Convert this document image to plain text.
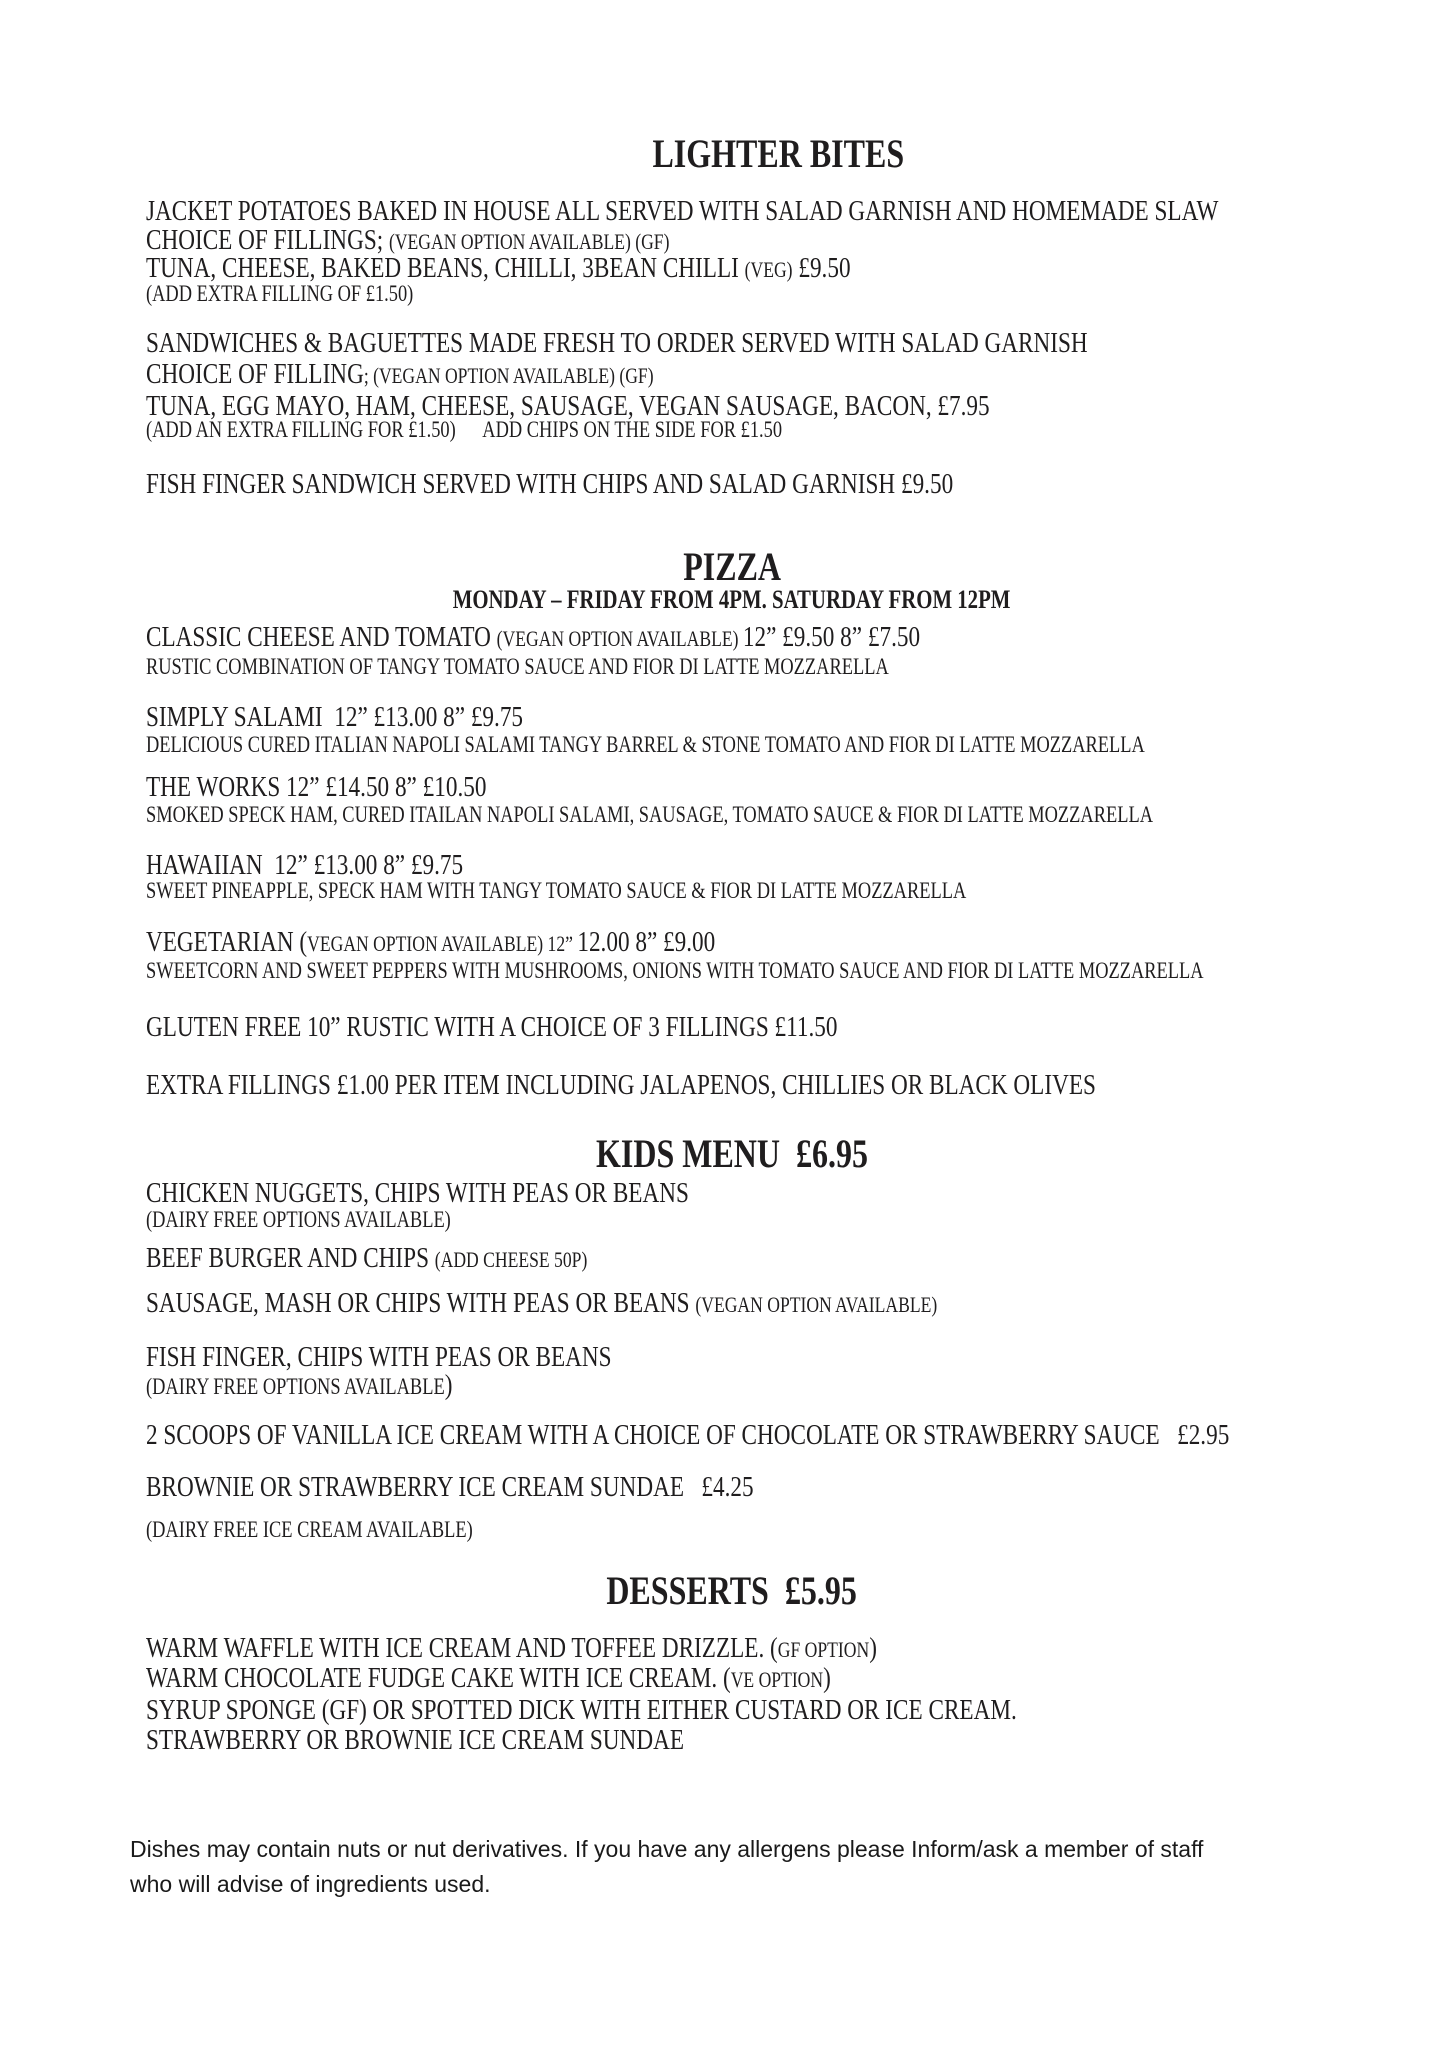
LIGHTER BITES

JACKET POTATOES BAKED IN HOUSE ALL SERVED WITH SALAD GARNISH AND HOMEMADE SLAW

CHOICE OF FILLINGS; (VEGAN OPTION AVAILABLE) (GF)

TUNA, CHEESE, BAKED BEANS, CHILLI, 3BEAN CHILLI (VEG) £9.50

(ADD EXTRA FILLING OF £1.50)

SANDWICHES & BAGUETTES MADE FRESH TO ORDER SERVED WITH SALAD GARNISH

CHOICE OF FILLING; (VEGAN OPTION AVAILABLE) (GF)

TUNA, EGG MAYO, HAM, CHEESE, SAUSAGE, VEGAN SAUSAGE, BACON, £7.95

(ADD AN EXTRA FILLING FOR £1.50)      ADD CHIPS ON THE SIDE FOR £1.50

FISH FINGER SANDWICH SERVED WITH CHIPS AND SALAD GARNISH £9.50

PIZZA

MONDAY – FRIDAY FROM 4PM. SATURDAY FROM 12PM

CLASSIC CHEESE AND TOMATO (VEGAN OPTION AVAILABLE) 12” £9.50 8” £7.50

RUSTIC COMBINATION OF TANGY TOMATO SAUCE AND FIOR DI LATTE MOZZARELLA

SIMPLY SALAMI  12” £13.00 8” £9.75

DELICIOUS CURED ITALIAN NAPOLI SALAMI TANGY BARREL & STONE TOMATO AND FIOR DI LATTE MOZZARELLA

THE WORKS 12” £14.50 8” £10.50

SMOKED SPECK HAM, CURED ITAILAN NAPOLI SALAMI, SAUSAGE, TOMATO SAUCE & FIOR DI LATTE MOZZARELLA

HAWAIIAN  12” £13.00 8” £9.75

SWEET PINEAPPLE, SPECK HAM WITH TANGY TOMATO SAUCE & FIOR DI LATTE MOZZARELLA

VEGETARIAN (VEGAN OPTION AVAILABLE) 12” 12.00 8” £9.00

SWEETCORN AND SWEET PEPPERS WITH MUSHROOMS, ONIONS WITH TOMATO SAUCE AND FIOR DI LATTE MOZZARELLA

GLUTEN FREE 10” RUSTIC WITH A CHOICE OF 3 FILLINGS £11.50

EXTRA FILLINGS £1.00 PER ITEM INCLUDING JALAPENOS, CHILLIES OR BLACK OLIVES

KIDS MENU  £6.95

CHICKEN NUGGETS, CHIPS WITH PEAS OR BEANS

(DAIRY FREE OPTIONS AVAILABLE)

BEEF BURGER AND CHIPS (ADD CHEESE 50P)

SAUSAGE, MASH OR CHIPS WITH PEAS OR BEANS (VEGAN OPTION AVAILABLE)

FISH FINGER, CHIPS WITH PEAS OR BEANS

(DAIRY FREE OPTIONS AVAILABLE)

2 SCOOPS OF VANILLA ICE CREAM WITH A CHOICE OF CHOCOLATE OR STRAWBERRY SAUCE   £2.95

BROWNIE OR STRAWBERRY ICE CREAM SUNDAE   £4.25

(DAIRY FREE ICE CREAM AVAILABLE)

DESSERTS  £5.95

WARM WAFFLE WITH ICE CREAM AND TOFFEE DRIZZLE. (GF OPTION)

WARM CHOCOLATE FUDGE CAKE WITH ICE CREAM. (VE OPTION)

SYRUP SPONGE (GF) OR SPOTTED DICK WITH EITHER CUSTARD OR ICE CREAM.

STRAWBERRY OR BROWNIE ICE CREAM SUNDAE

Dishes may contain nuts or nut derivatives. If you have any allergens please Inform/ask a member of staff
who will advise of ingredients used.
